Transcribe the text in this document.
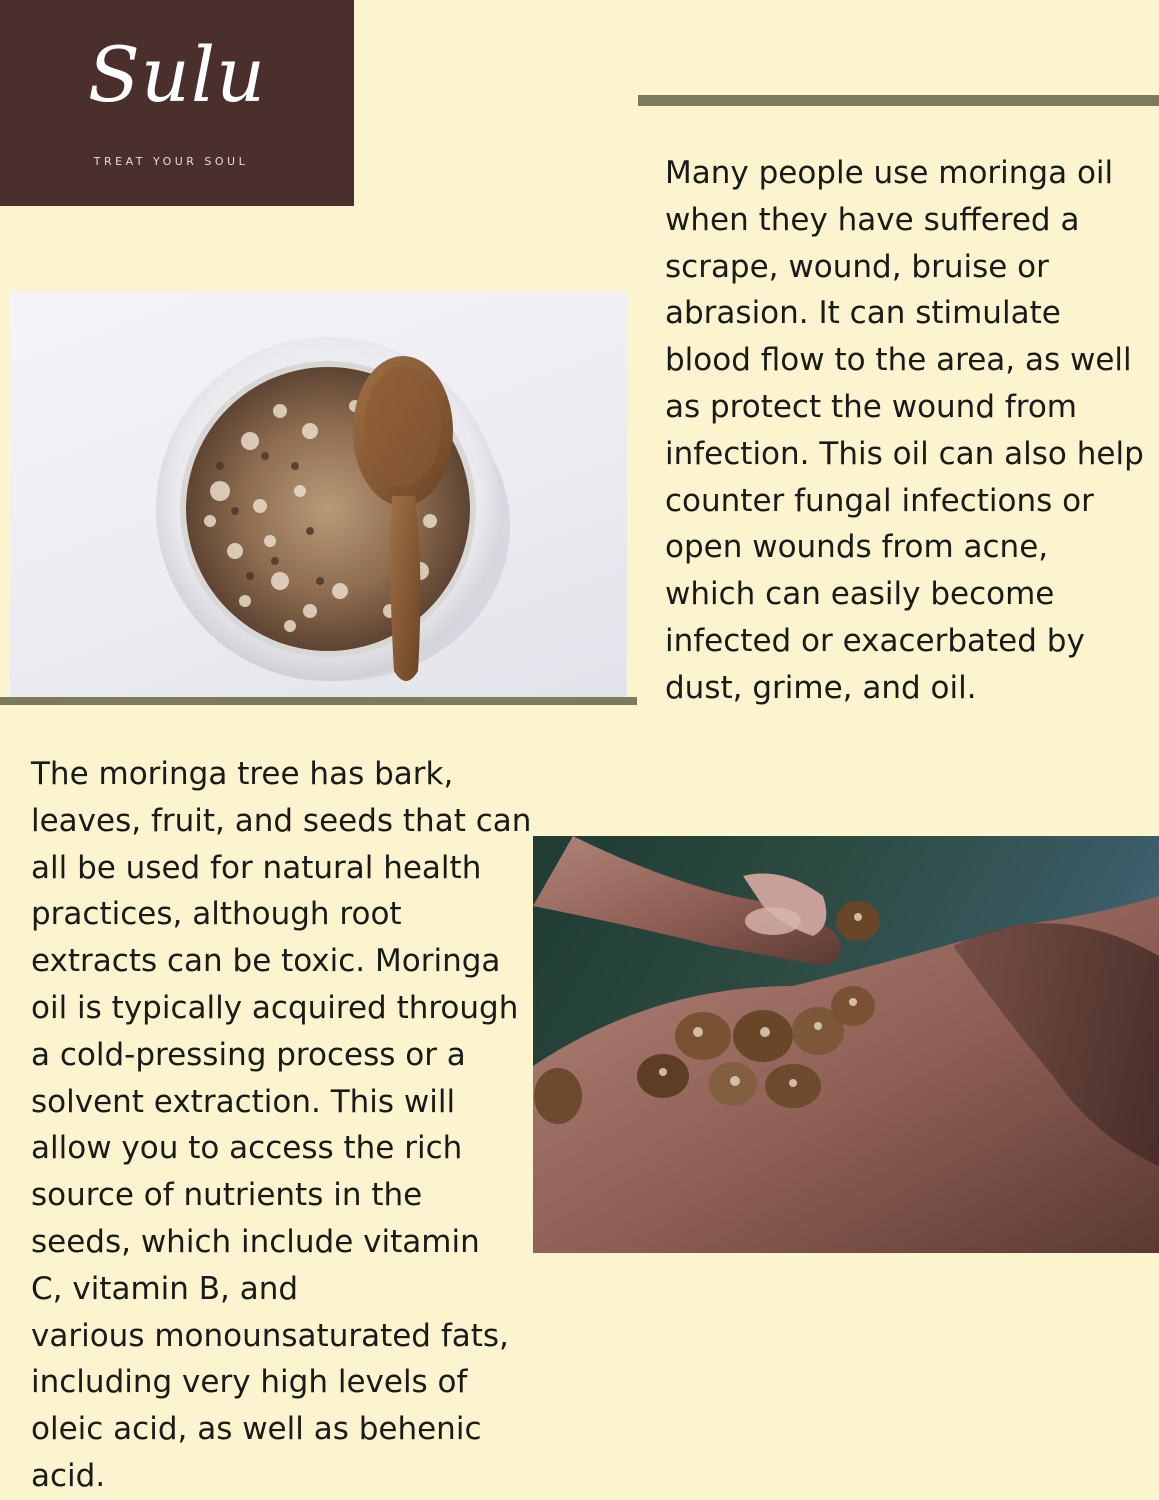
Sulu
TREAT YOUR SOUL	Many people use moringa oil
when they have suffered a
scrape, wound, bruise or
abrasion. It can stimulate
blood flow to the area, as well
as protect the wound from
infection. This oil can also help
counter fungal infections or
open wounds from acne,
which can easily become
infected or exacerbated by
dust, grime, and oil.

The moringa tree has bark,
leaves, fruit, and seeds that can
all be used for natural health
practices, although root
extracts can be toxic. Moringa
oil is typically acquired through
a cold-pressing process or a
solvent extraction. This will
allow you to access the rich
source of nutrients in the
seeds, which include vitamin
C, vitamin B, and
various monounsaturated fats,
including very high levels of
oleic acid, as well as behenic
acid.
